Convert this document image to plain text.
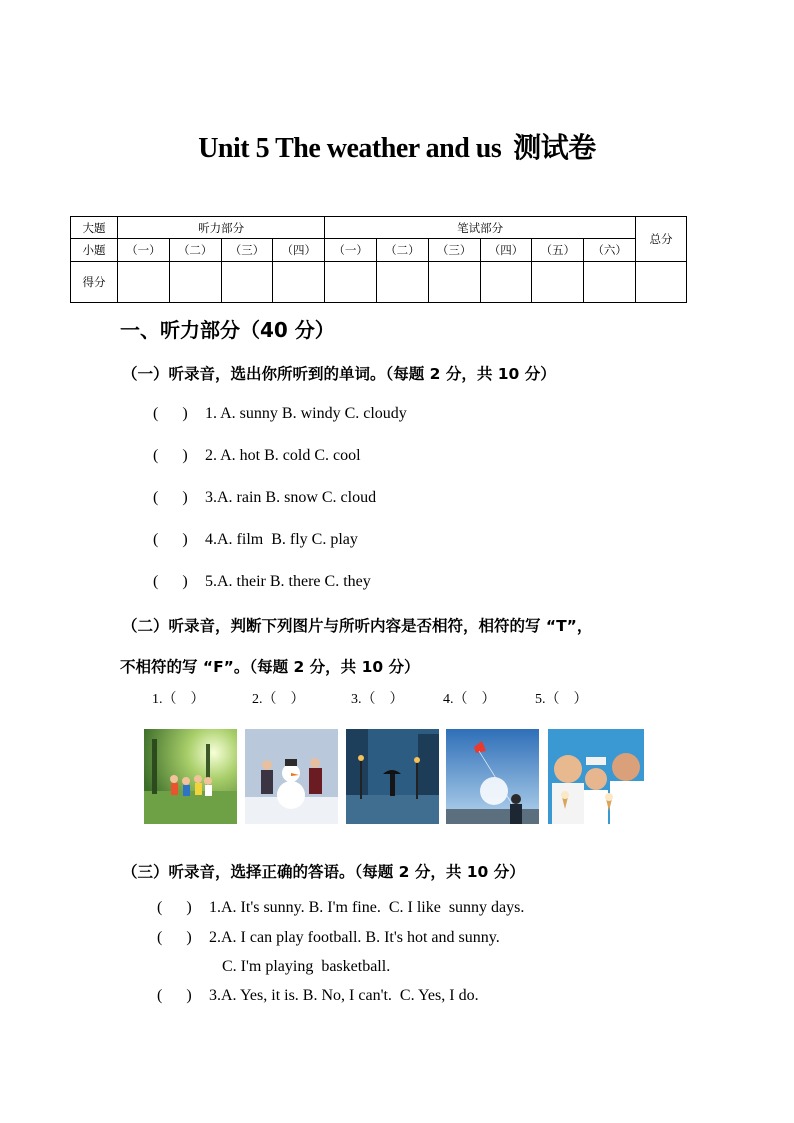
Unit 5 The weather and us 测试卷
大题	听力部分				笔试部分						总分
小题	（一）	（二）	（三）	（四）	（一）	（二）	（三）	（四）	（五）	（六）	
得分											
一、听力部分（40 分）
（一）听录音，选出你所听到的单词。（每题 2 分，共 10 分）
(      ) 1. A. sunny B. windy C. cloudy
(      ) 2. A. hot B. cold C. cool
(      ) 3.A. rain B. snow C. cloud
(      ) 4.A. film  B. fly C. play
(      ) 5.A. their B. there C. they
（二）听录音，判断下列图片与所听内容是否相符，相符的写 “T”，
不相符的写 “F”。（每题 2 分，共 10 分）
1.（    ）	2.（    ）	3.（    ）	4.（    ）	5.（    ）
（三）听录音，选择正确的答语。（每题 2 分，共 10 分）
(      ) 1.A. It's sunny. B. I'm fine.  C. I like  sunny days.
(      ) 2.A. I can play football. B. It's hot and sunny.
C. I'm playing  basketball.
(      ) 3.A. Yes, it is. B. No, I can't.  C. Yes, I do.
